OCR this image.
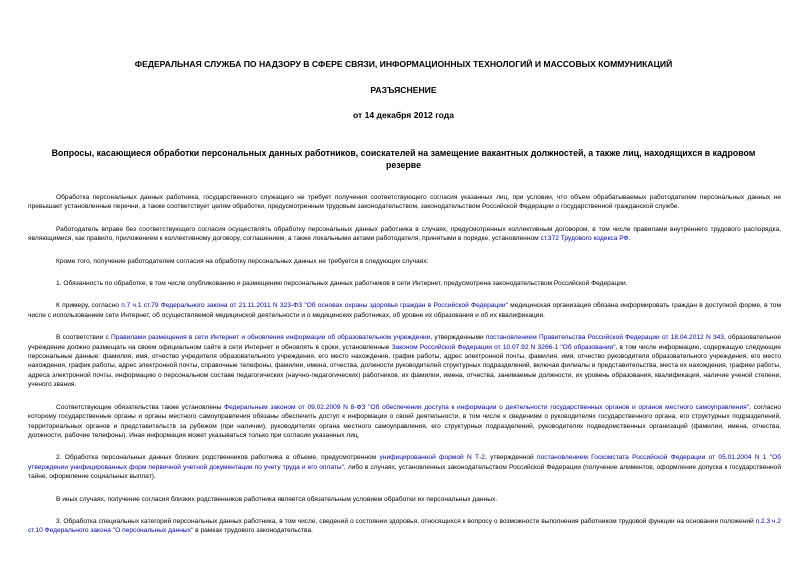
ФЕДЕРАЛЬНАЯ СЛУЖБА ПО НАДЗОРУ В СФЕРЕ СВЯЗИ, ИНФОРМАЦИОННЫХ ТЕХНОЛОГИЙ И МАССОВЫХ КОММУНИКАЦИЙ

РАЗЪЯСНЕНИЕ

от 14 декабря 2012 года

Вопросы, касающиеся обработки персональных данных работников, соискателей на замещение вакантных должностей, а также лиц, находящихся в кадровом резерве

Обработка персональных данных работника, государственного служащего не требует получения соответствующего согласия указанных лиц, при условии, что объем обрабатываемых работодателем персональных данных не превышает установленные перечни, а также соответствует целям обработки, предусмотренным трудовым законодательством, законодательством Российской Федерации о государственной гражданской службе.

Работодатель вправе без соответствующего согласия осуществлять обработку персональных данных работника в случаях, предусмотренных коллективным договором, в том числе правилами внутреннего трудового распорядка, являющимися, как правило, приложением к коллективному договору, соглашением, а также локальными актами работодателя, принятыми в порядке, установленном ст.372 Трудового кодекса РФ.

Кроме того, получение работодателем согласия на обработку персональных данных не требуется в следующих случаях:

1. Обязанность по обработке, в том числе опубликованию и размещению персональных данных работников в сети Интернет, предусмотрена законодательством Российской Федерации.

К примеру, согласно п.7 ч.1 ст.79 Федерального закона от 21.11.2011 N 323-ФЗ "Об основах охраны здоровья граждан в Российской Федерации" медицинская организация обязана информировать граждан в доступной форме, в том числе с использованием сети Интернет, об осуществляемой медицинской деятельности и о медицинских работниках, об уровне их образования и об их квалификации.

В соответствии с Правилами размещения в сети Интернет и обновления информации об образовательном учреждении, утвержденными постановлением Правительства Российской Федерации от 18.04.2012 N 343, образовательное учреждение должно размещать на своем официальном сайте в сети Интернет и обновлять в сроки, установленные Законом Российской Федерации от 10.07.92 N 3266-1 "Об образовании", в том числе информацию, содержащую следующие персональные данные: фамилия, имя, отчество учредителя образовательного учреждения, его место нахождения, график работы, адрес электронной почты, фамилия, имя, отчество руководителя образовательного учреждения, его место нахождения, график работы, адрес электронной почты, справочные телефоны, фамилии, имена, отчества, должности руководителей структурных подразделений, включая филиалы и представительства, места их нахождения, графики работы, адреса электронной почты, информацию о персональном составе педагогических (научно-педагогических) работников, их фамилии, имена, отчества, занимаемые должности, их уровень образования, квалификация, наличие ученой степени, ученого звания.

Соответствующие обязательства также установлены Федеральным законом от 09.02.2009 N 8-ФЗ "Об обеспечении доступа к информации о деятельности государственных органов и органов местного самоуправления", согласно которому государственные органы и органы местного самоуправления обязаны обеспечить доступ к информации о своей деятельности, в том числе к сведениям о руководителях государственного органа, его структурных подразделений, территориальных органов и представительств за рубежом (при наличии), руководителях органа местного самоуправления, его структурных подразделений, руководителях подведомственных организаций (фамилии, имена, отчества, должности, рабочие телефоны). Иная информация может указываться только при согласии указанных лиц.

2. Обработка персональных данных близких родственников работника в объеме, предусмотренном унифицированной формой N Т-2, утвержденной постановлением Госкомстата Российской Федерации от 05.01.2004 N 1 "Об утверждении унифицированных форм первичной учетной документации по учету труда и его оплаты", либо в случаях, установленных законодательством Российской Федерации (получение алиментов, оформление допуска к государственной тайне, оформление социальных выплат).

В иных случаях, получение согласия близких родственников работника является обязательным условием обработки их персональных данных.

3. Обработка специальных категорий персональных данных работника, в том числе, сведений о состоянии здоровья, относящихся к вопросу о возможности выполнения работником трудовой функции на основании положений п.2.3 ч.2 ст.10 Федерального закона "О персональных данных" в рамках трудового законодательства.
